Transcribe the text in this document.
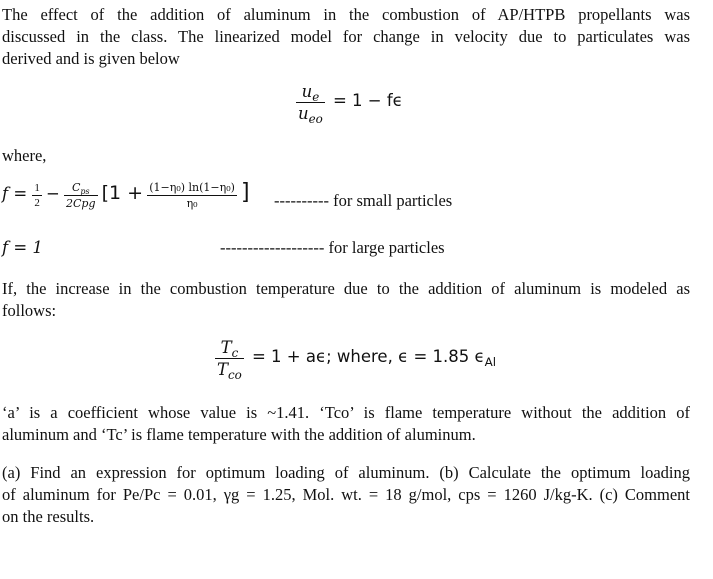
The effect of the addition of aluminum in the combustion of AP/HTPB propellants was
discussed in the class. The linearized model for change in velocity due to particulates was
derived and is given below
$\frac{u_e}{u_{eo}} = 1 - f\epsilon$
where,
$f = \frac{1}{2} - \frac{C_{ps}}{\text{2Cpg}} [1 + \frac{\text{(1−η₀) ln(1−η₀)}}{\text{η₀}}$ ] ---------- for small particles
f = 1	------------------- for large particles
If, the increase in the combustion temperature due to the addition of aluminum is modeled as
follows:
$\frac{T_c}{T_{co}} = 1 + a\epsilon$; where, ϵ = 1.85 $\epsilon_{Al}$
‘a’ is a coefficient whose value is ~1.41. ‘Tco’ is flame temperature without the addition of
aluminum and ‘Tc’ is flame temperature with the addition of aluminum.
(a) Find an expression for optimum loading of aluminum. (b) Calculate the optimum loading
of aluminum for Pe/Pc = 0.01, γg = 1.25, Mol. wt. = 18 g/mol, cps = 1260 J/kg-K. (c) Comment
on the results.
